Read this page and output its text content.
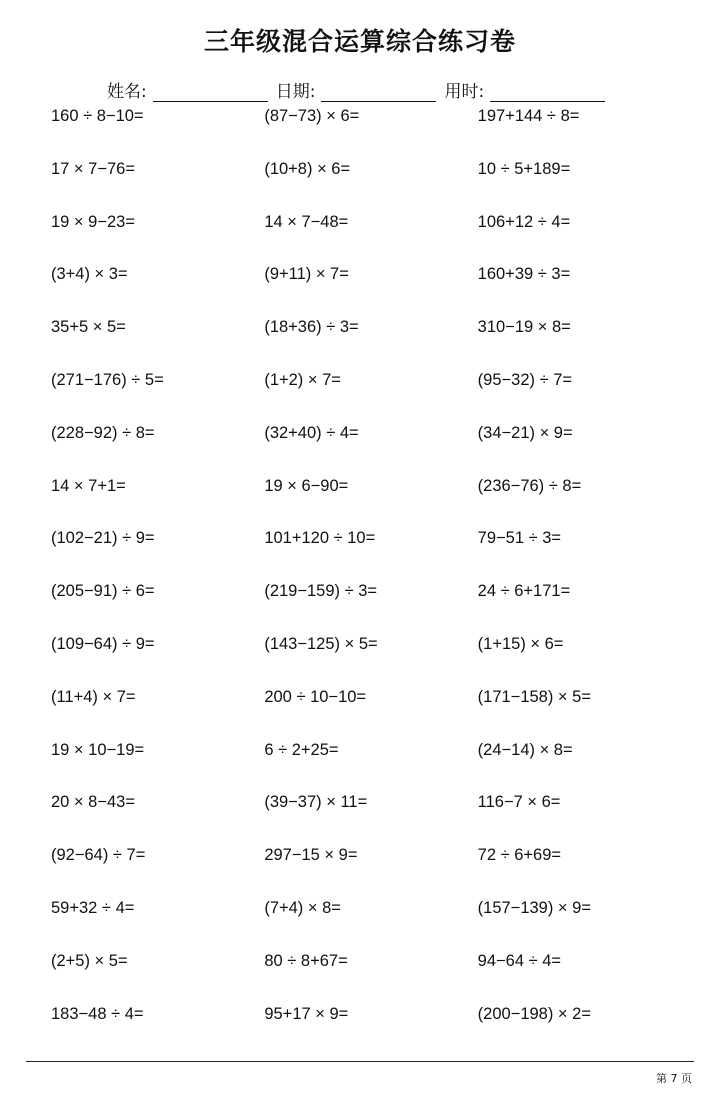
三年级混合运算综合练习卷
姓名:	日期:	用时:
160 ÷ 8−10=	(87−73) × 6=	197+144 ÷ 8=
17 × 7−76=	(10+8) × 6=	10 ÷ 5+189=
19 × 9−23=	14 × 7−48=	106+12 ÷ 4=
(3+4) × 3=	(9+11) × 7=	160+39 ÷ 3=
35+5 × 5=	(18+36) ÷ 3=	310−19 × 8=
(271−176) ÷ 5=	(1+2) × 7=	(95−32) ÷ 7=
(228−92) ÷ 8=	(32+40) ÷ 4=	(34−21) × 9=
14 × 7+1=	19 × 6−90=	(236−76) ÷ 8=
(102−21) ÷ 9=	101+120 ÷ 10=	79−51 ÷ 3=
(205−91) ÷ 6=	(219−159) ÷ 3=	24 ÷ 6+171=
(109−64) ÷ 9=	(143−125) × 5=	(1+15) × 6=
(11+4) × 7=	200 ÷ 10−10=	(171−158) × 5=
19 × 10−19=	6 ÷ 2+25=	(24−14) × 8=
20 × 8−43=	(39−37) × 11=	116−7 × 6=
(92−64) ÷ 7=	297−15 × 9=	72 ÷ 6+69=
59+32 ÷ 4=	(7+4) × 8=	(157−139) × 9=
(2+5) × 5=	80 ÷ 8+67=	94−64 ÷ 4=
183−48 ÷ 4=	95+17 × 9=	(200−198) × 2=
第 7 页
